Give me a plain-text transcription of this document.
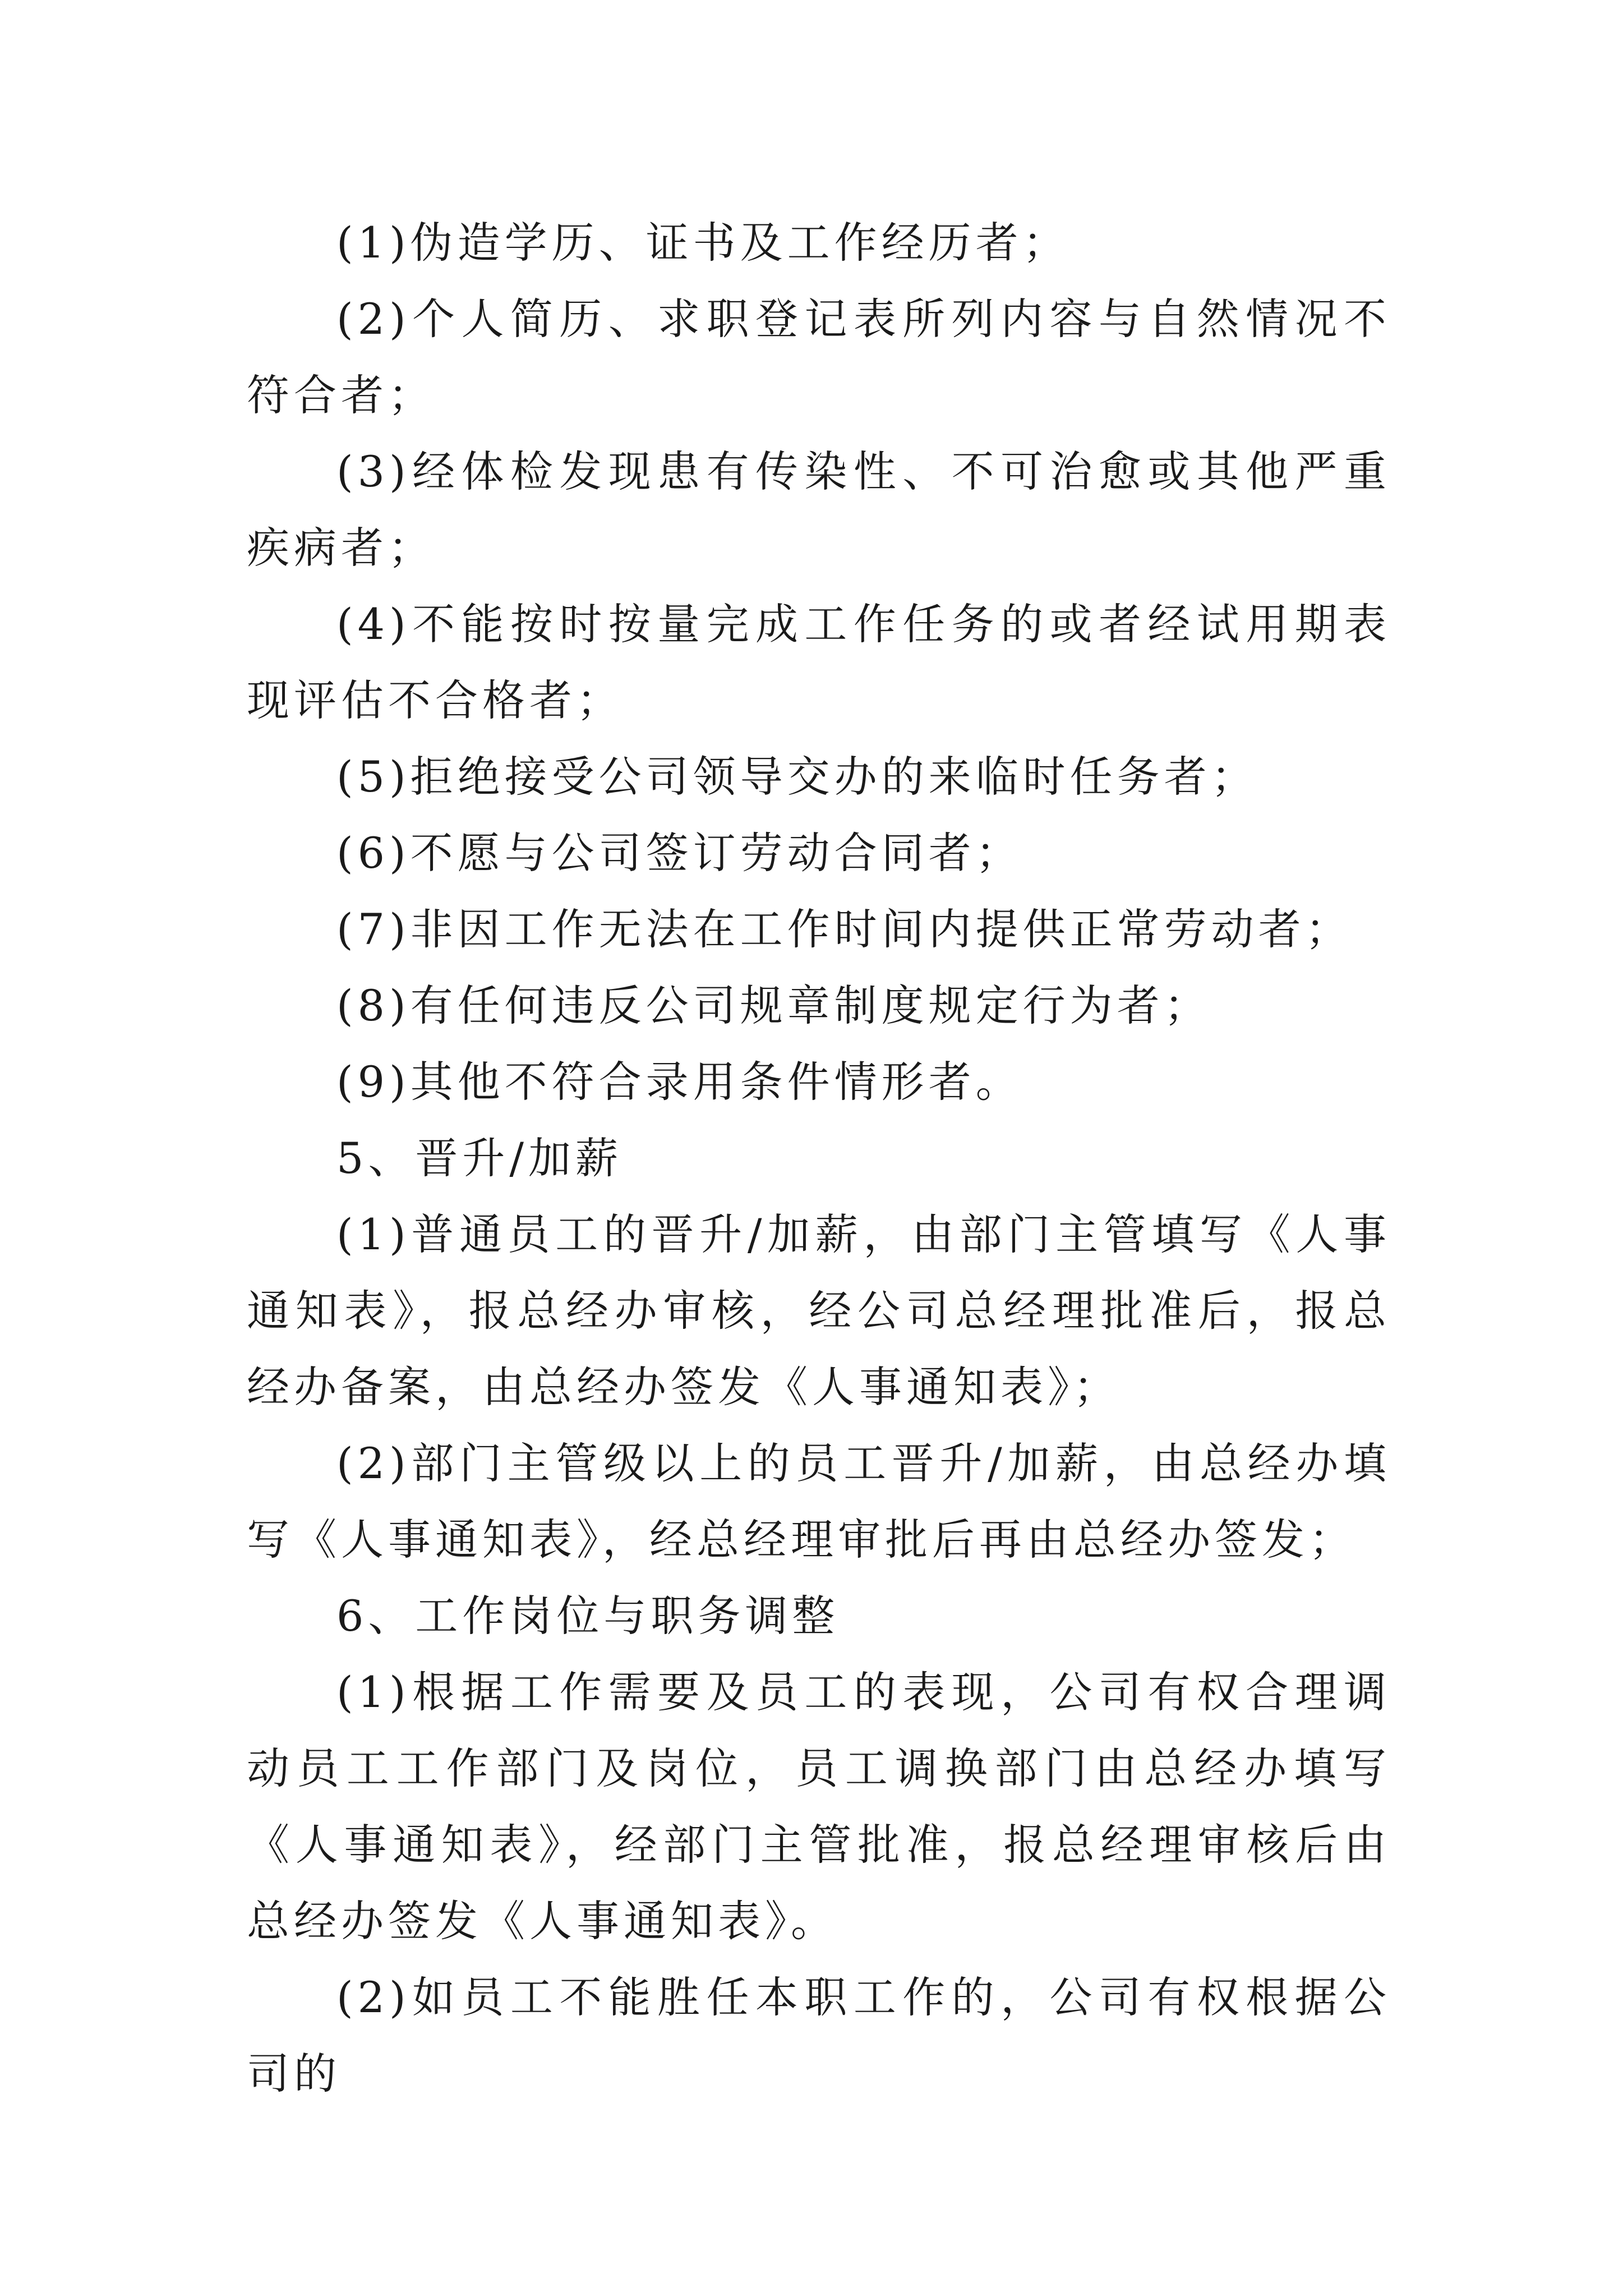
(1)伪造学历、证书及工作经历者；

(2)个人简历、求职登记表所列内容与自然情况不符合者；

(3)经体检发现患有传染性、不可治愈或其他严重疾病者；

(4)不能按时按量完成工作任务的或者经试用期表现评估不合格者；

(5)拒绝接受公司领导交办的来临时任务者；

(6)不愿与公司签订劳动合同者；

(7)非因工作无法在工作时间内提供正常劳动者；

(8)有任何违反公司规章制度规定行为者；

(9)其他不符合录用条件情形者。

5、晋升/加薪

(1)普通员工的晋升/加薪，由部门主管填写《人事通知表》，报总经办审核，经公司总经理批准后，报总经办备案，由总经办签发《人事通知表》；

(2)部门主管级以上的员工晋升/加薪，由总经办填写《人事通知表》，经总经理审批后再由总经办签发；

6、工作岗位与职务调整

(1)根据工作需要及员工的表现，公司有权合理调动员工工作部门及岗位，员工调换部门由总经办填写《人事通知表》，经部门主管批准，报总经理审核后由总经办签发《人事通知表》。

(2)如员工不能胜任本职工作的，公司有权根据公司的
